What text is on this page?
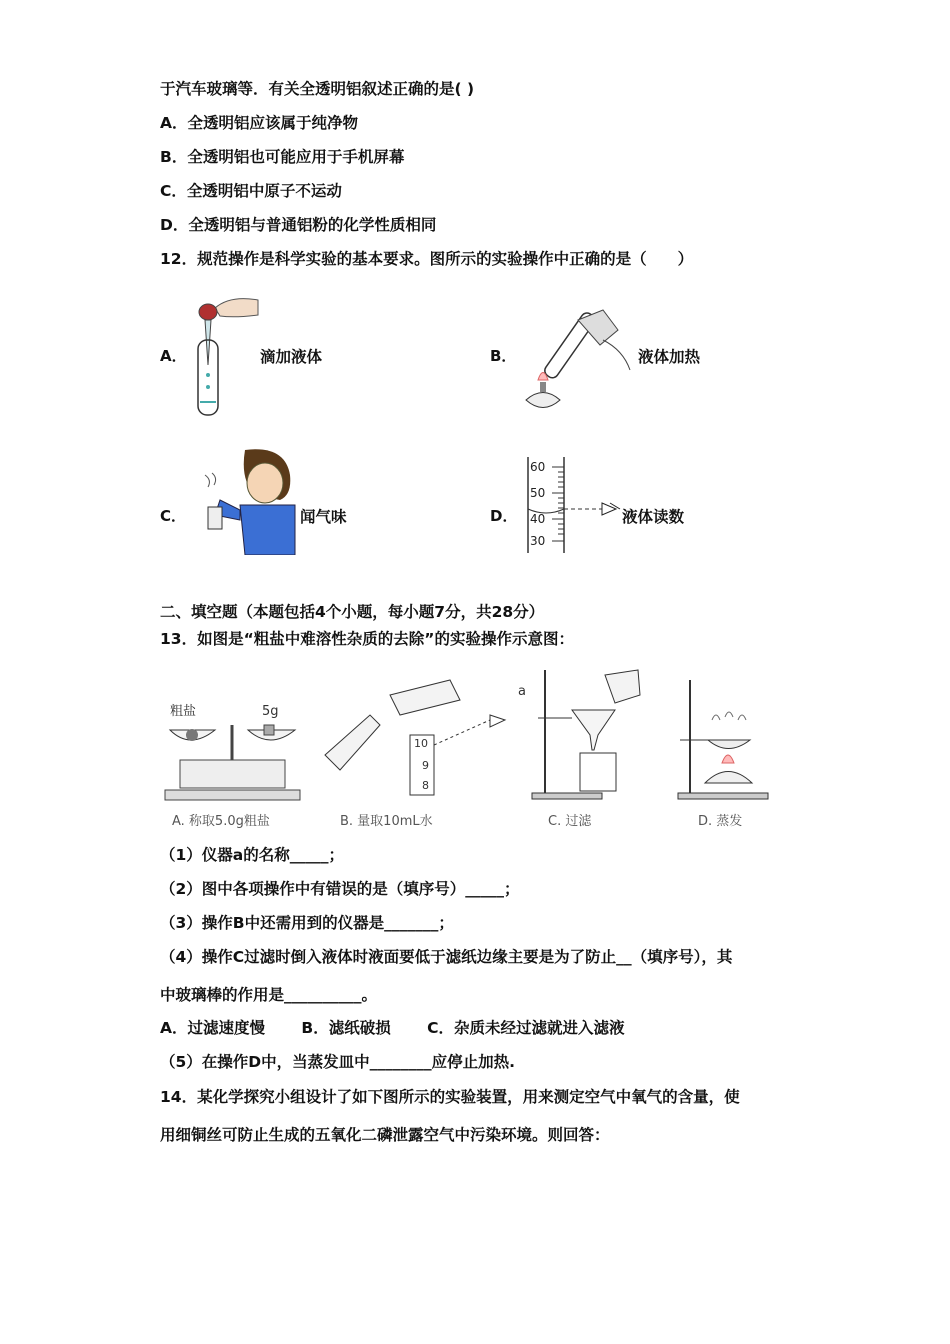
于汽车玻璃等．有关全透明铝叙述正确的是( )
A．全透明铝应该属于纯净物
B．全透明铝也可能应用于手机屏幕
C．全透明铝中原子不运动
D．全透明铝与普通铝粉的化学性质相同
12．规范操作是科学实验的基本要求。图所示的实验操作中正确的是（　　）
A．	滴加液体	B．	液体加热
C．	闻气味	D．
60
50
40
30
液体读数
二、填空题（本题包括4个小题，每小题7分，共28分）
13．如图是“粗盐中难溶性杂质的去除”的实验操作示意图：
粗盐	5g
10
9
8
a
A. 称取5.0g粗盐	B. 量取10mL水	C. 过滤	D. 蒸发
（1）仪器a的名称_____；
（2）图中各项操作中有错误的是（填序号）_____；
（3）操作B中还需用到的仪器是_______；
（4）操作C过滤时倒入液体时液面要低于滤纸边缘主要是为了防止__（填序号），其
中玻璃棒的作用是__________。
A．过滤速度慢　　 B．滤纸破损　　 C．杂质未经过滤就进入滤液
（5）在操作D中，当蒸发皿中________应停止加热.
14．某化学探究小组设计了如下图所示的实验装置，用来测定空气中氧气的含量，使
用细铜丝可防止生成的五氧化二磷泄露空气中污染环境。则回答：
